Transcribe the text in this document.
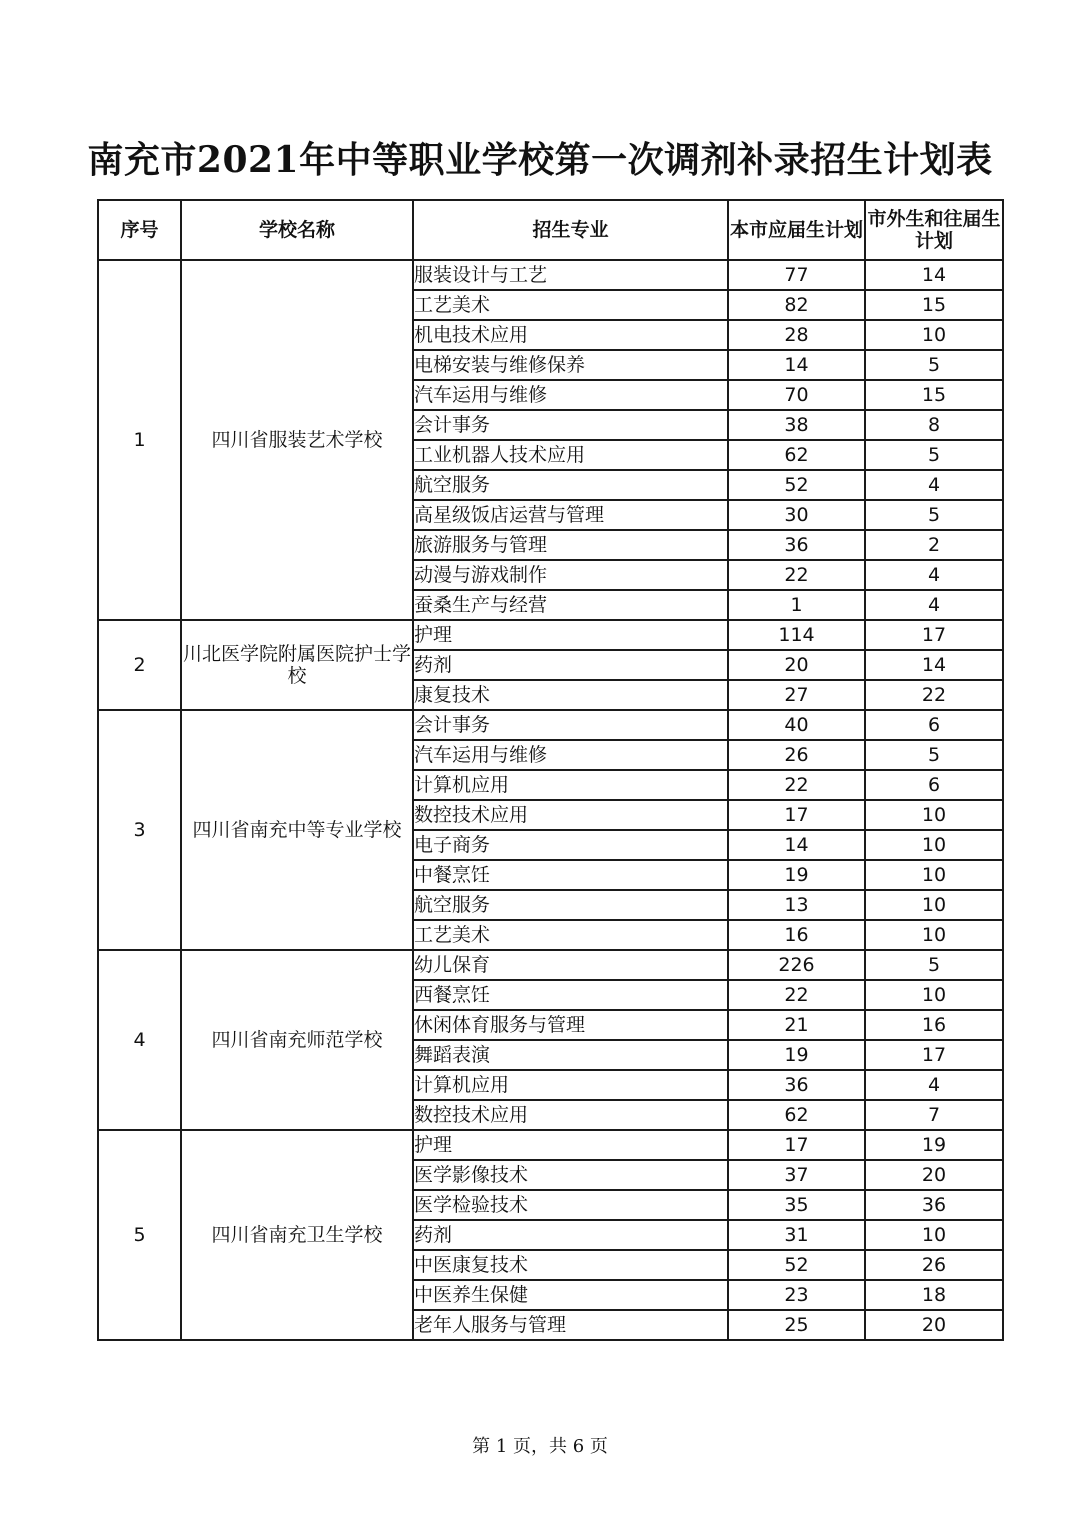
南充市2021年中等职业学校第一次调剂补录招生计划表
序号	学校名称	招生专业	本市应届生计划	市外生和往届生计划
1	四川省服装艺术学校	服装设计与工艺	77	14
		工艺美术	82	15
		机电技术应用	28	10
		电梯安装与维修保养	14	5
		汽车运用与维修	70	15
		会计事务	38	8
		工业机器人技术应用	62	5
		航空服务	52	4
		高星级饭店运营与管理	30	5
		旅游服务与管理	36	2
		动漫与游戏制作	22	4
		蚕桑生产与经营	1	4
2	川北医学院附属医院护士学校	护理	114	17
		药剂	20	14
		康复技术	27	22
3	四川省南充中等专业学校	会计事务	40	6
		汽车运用与维修	26	5
		计算机应用	22	6
		数控技术应用	17	10
		电子商务	14	10
		中餐烹饪	19	10
		航空服务	13	10
		工艺美术	16	10
4	四川省南充师范学校	幼儿保育	226	5
		西餐烹饪	22	10
		休闲体育服务与管理	21	16
		舞蹈表演	19	17
		计算机应用	36	4
		数控技术应用	62	7
5	四川省南充卫生学校	护理	17	19
		医学影像技术	37	20
		医学检验技术	35	36
		药剂	31	10
		中医康复技术	52	26
		中医养生保健	23	18
		老年人服务与管理	25	20
第 1 页，共 6 页
